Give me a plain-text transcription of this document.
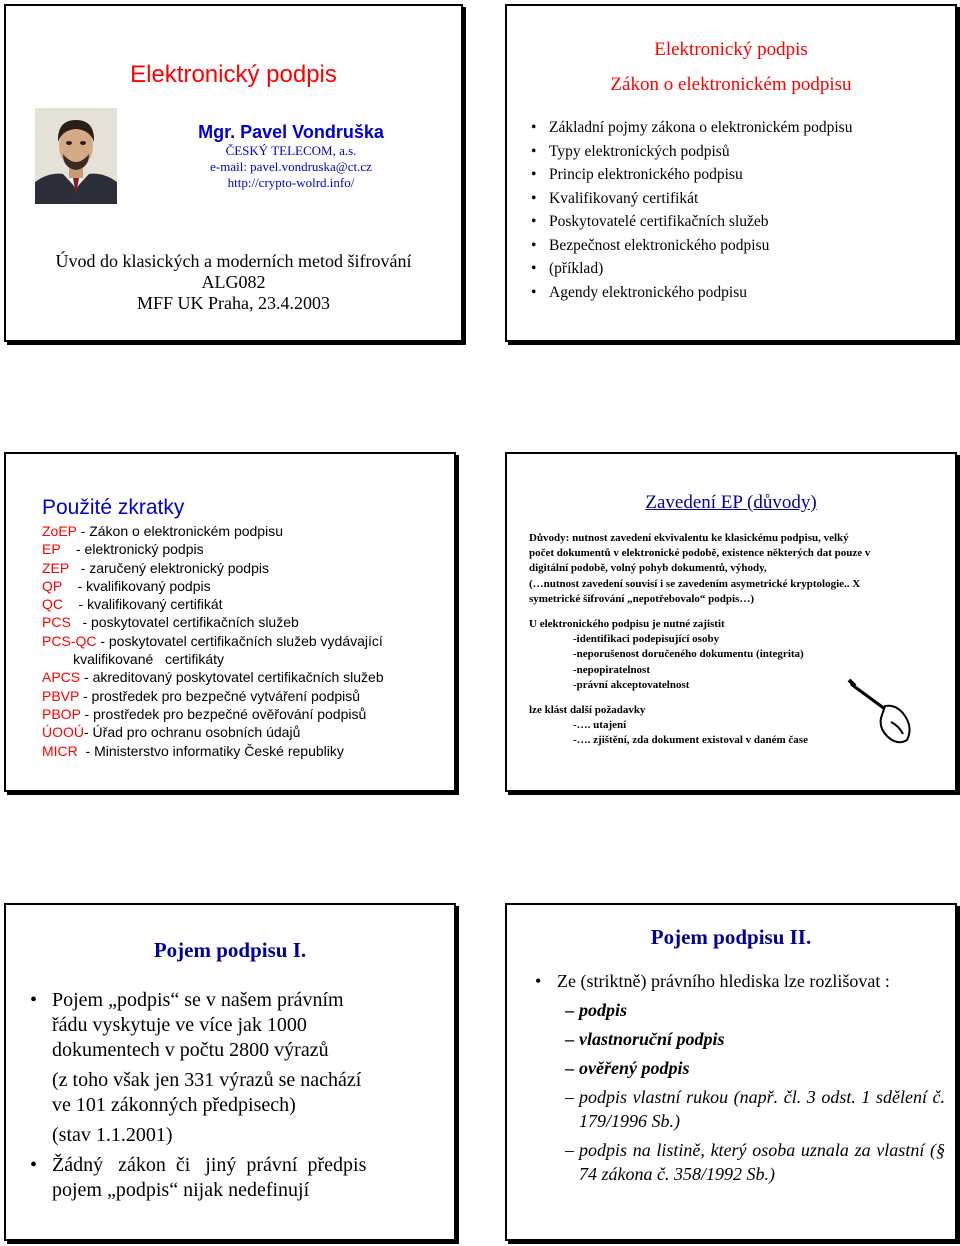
Elektronický podpis
Mgr. Pavel Vondruška
ČESKÝ TELECOM, a.s.
e-mail: pavel.vondruska@ct.cz
http://crypto-wolrd.info/
Úvod do klasických a moderních metod šifrování
ALG082
MFF UK Praha, 23.4.2003
Elektronický podpis
Zákon o elektronickém podpisu
• Základní pojmy zákona o elektronickém podpisu
• Typy elektronických podpisů
• Princip elektronického podpisu
• Kvalifikovaný certifikát
• Poskytovatelé certifikačních služeb
• Bezpečnost elektronického podpisu
• (příklad)
• Agendy elektronického podpisu
Použité zkratky
ZoEP - Zákon o elektronickém podpisu
EP    - elektronický podpis
ZEP   - zaručený elektronický podpis
QP    - kvalifikovaný podpis
QC    - kvalifikovaný certifikát
PCS   - poskytovatel certifikačních služeb
PCS-QC - poskytovatel certifikačních služeb vydávající
kvalifikované   certifikáty
APCS - akreditovaný poskytovatel certifikačních služeb
PBVP - prostředek pro bezpečné vytváření podpisů
PBOP - prostředek pro bezpečné ověřování podpisů
ÚOOÚ- Úřad pro ochranu osobních údajů
MICR  - Ministerstvo informatiky České republiky
Zavedení EP (důvody)
Důvody: nutnost zavedení ekvivalentu ke klasickému podpisu, velký
počet dokumentů v elektronické podobě, existence některých dat pouze v
digitální podobě, volný pohyb dokumentů, výhody,
(…nutnost zavedení souvisí i se zavedením asymetrické kryptologie.. X
symetrické šifrování „nepotřebovalo“ podpis…)
U elektronického podpisu je nutné zajistit
-identifikaci podepisující osoby
-neporušenost doručeného dokumentu (integrita)
-nepopiratelnost
-právní akceptovatelnost
lze klást další požadavky
-…. utajení
-…. zjištění, zda dokument existoval v daném čase
Pojem podpisu I.
• Pojem „podpis“ se v našem právním
řádu vyskytuje ve více jak 1000
dokumentech v počtu 2800 výrazů
(z toho však jen 331 výrazů se nachází
ve 101 zákonných předpisech)
(stav 1.1.2001)
• Žádný   zákon  či   jiný  právní  předpis
pojem „podpis“ nijak nedefinují
Pojem podpisu II.
• Ze (striktně) právního hlediska lze rozlišovat :
– podpis
– vlastnoruční podpis
– ověřený podpis
– podpis vlastní rukou (např. čl. 3 odst. 1 sdělení č. 179/1996 Sb.)
– podpis na listině, který osoba uznala za vlastní (§ 74 zákona č. 358/1992 Sb.)
